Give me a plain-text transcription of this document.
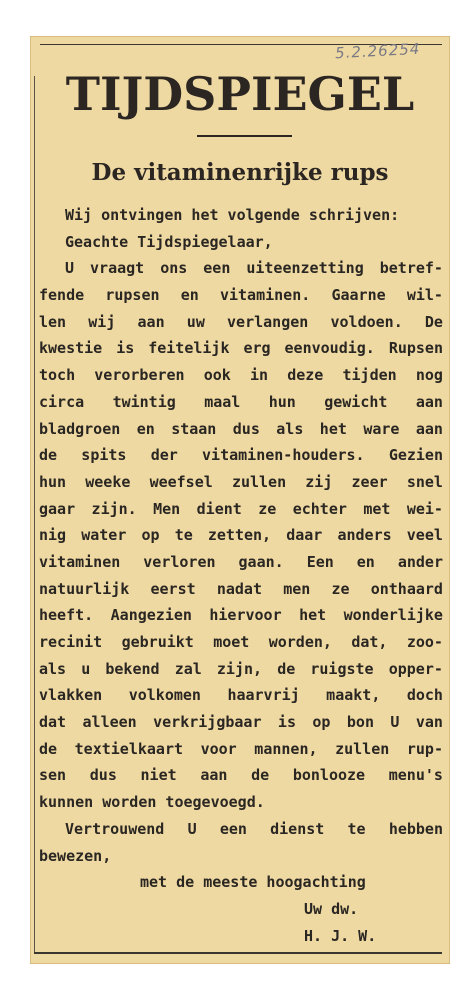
5.2.26254
TIJDSPIEGEL
De vitaminenrijke rups
Wij ontvingen het volgende schrijven:
Geachte Tijdspiegelaar,
U vraagt ons een uiteenzetting betref-
fende rupsen en vitaminen. Gaarne wil-
len wij aan uw verlangen voldoen. De
kwestie is feitelijk erg eenvoudig. Rupsen
toch verorberen ook in deze tijden nog
circa twintig maal hun gewicht aan
bladgroen en staan dus als het ware aan
de spits der vitaminen-houders. Gezien
hun weeke weefsel zullen zij zeer snel
gaar zijn. Men dient ze echter met wei-
nig water op te zetten, daar anders veel
vitaminen verloren gaan. Een en ander
natuurlijk eerst nadat men ze onthaard
heeft. Aangezien hiervoor het wonderlijke
recinit gebruikt moet worden, dat, zoo-
als u bekend zal zijn, de ruigste opper-
vlakken volkomen haarvrij maakt, doch
dat alleen verkrijgbaar is op bon U van
de textielkaart voor mannen, zullen rup-
sen dus niet aan de bonlooze menu's
kunnen worden toegevoegd.
Vertrouwend U een dienst te hebben
bewezen,
met de meeste hoogachting
Uw dw.
H. J. W.
